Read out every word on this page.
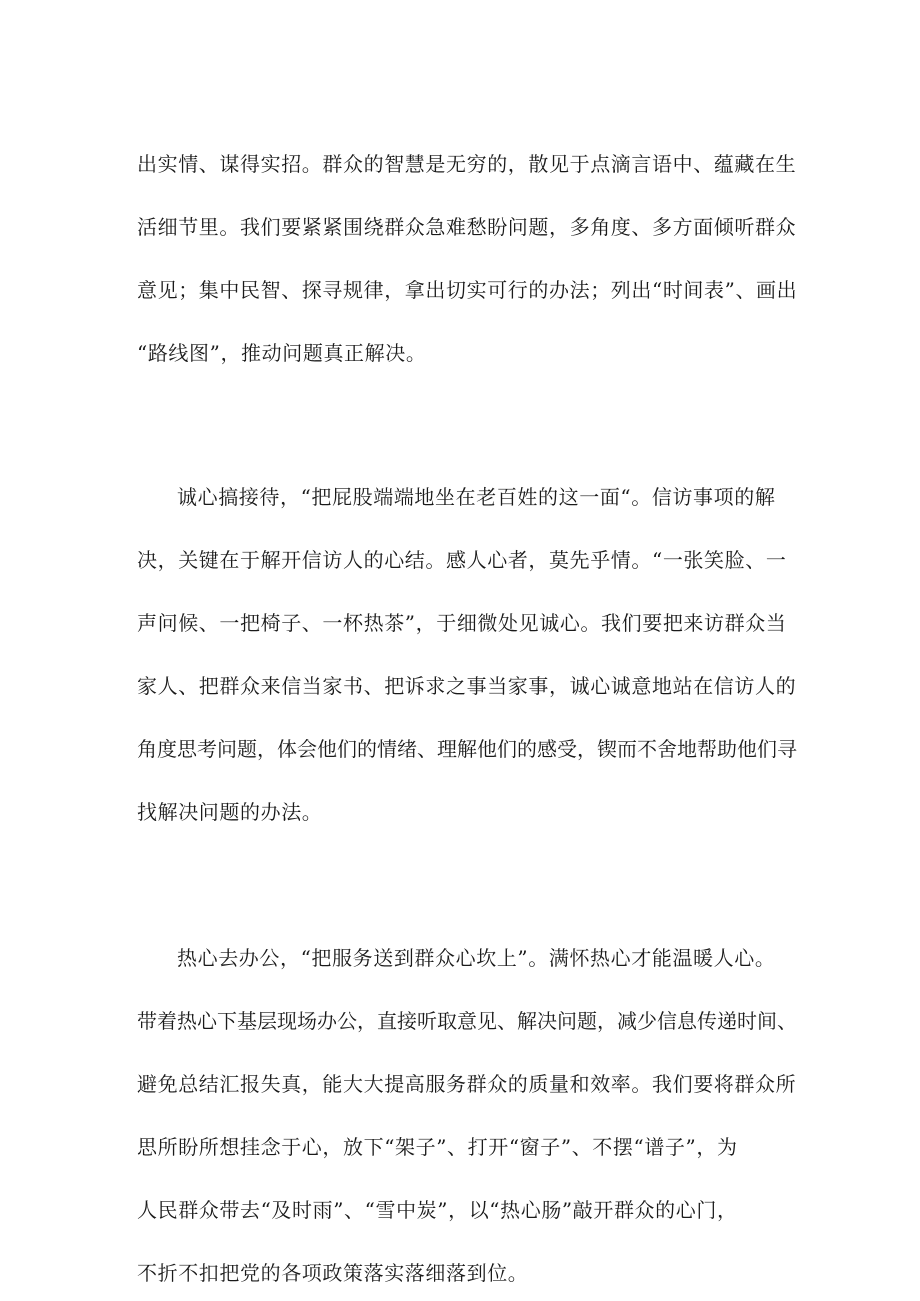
出实情、谋得实招。群众的智慧是无穷的，散见于点滴言语中、蕴藏在生
活细节里。我们要紧紧围绕群众急难愁盼问题，多角度、多方面倾听群众
意见；集中民智、探寻规律，拿出切实可行的办法；列出“时间表”、画出
“路线图”，推动问题真正解决。
诚心搞接待，“把屁股端端地坐在老百姓的这一面“。信访事项的解
决，关键在于解开信访人的心结。感人心者，莫先乎情。“一张笑脸、一
声问候、一把椅子、一杯热茶”，于细微处见诚心。我们要把来访群众当
家人、把群众来信当家书、把诉求之事当家事，诚心诚意地站在信访人的
角度思考问题，体会他们的情绪、理解他们的感受，锲而不舍地帮助他们寻
找解决问题的办法。
热心去办公，“把服务送到群众心坎上”。满怀热心才能温暖人心。
带着热心下基层现场办公，直接听取意见、解决问题，减少信息传递时间、
避免总结汇报失真，能大大提高服务群众的质量和效率。我们要将群众所
思所盼所想挂念于心，放下“架子”、打开“窗子”、不摆“谱子”，为
人民群众带去“及时雨”、“雪中炭”，以“热心肠”敲开群众的心门，
不折不扣把党的各项政策落实落细落到位。
